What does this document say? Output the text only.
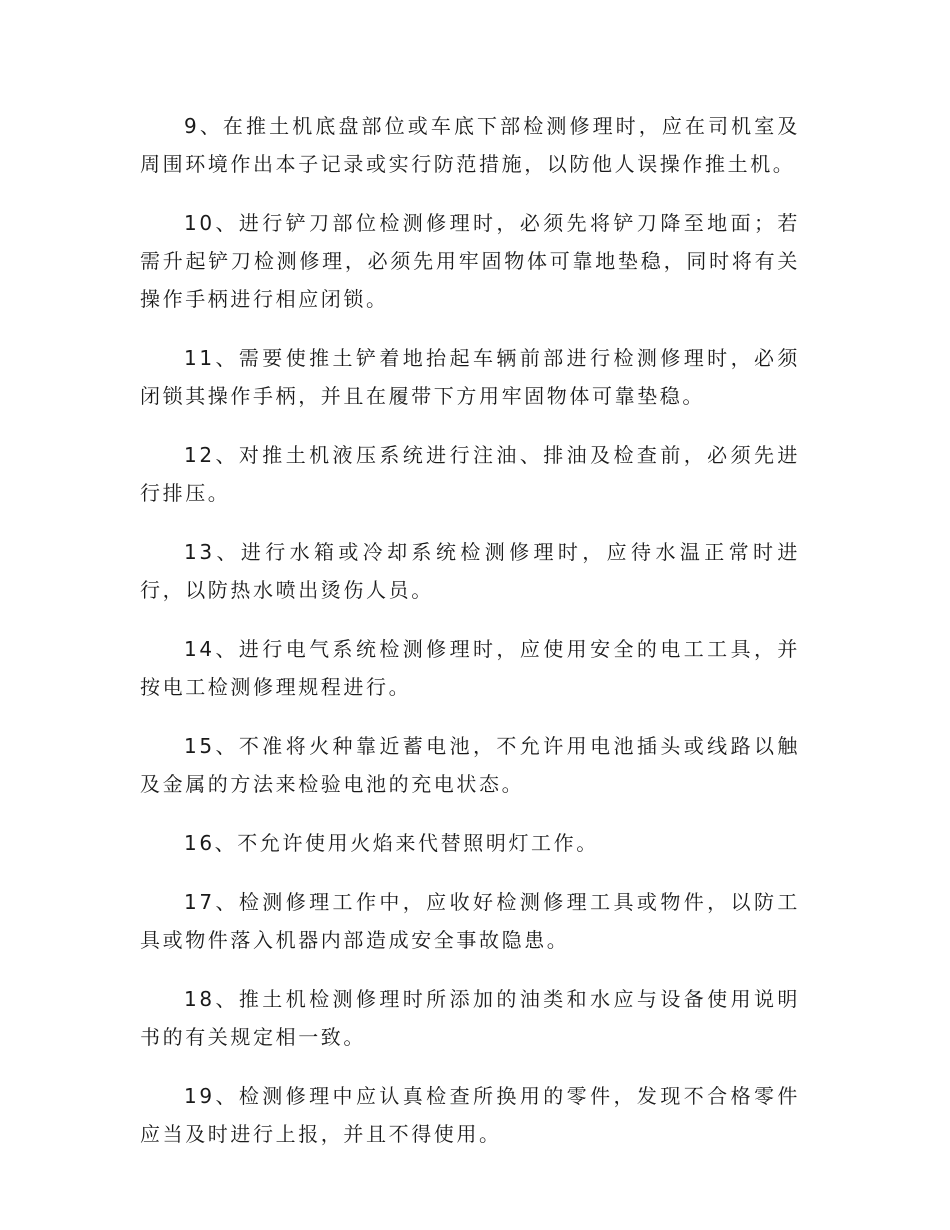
9、在推土机底盘部位或车底下部检测修理时，应在司机室及周围环境作出本子记录或实行防范措施，以防他人误操作推土机。

10、进行铲刀部位检测修理时，必须先将铲刀降至地面；若需升起铲刀检测修理，必须先用牢固物体可靠地垫稳，同时将有关操作手柄进行相应闭锁。

11、需要使推土铲着地抬起车辆前部进行检测修理时，必须闭锁其操作手柄，并且在履带下方用牢固物体可靠垫稳。

12、对推土机液压系统进行注油、排油及检查前，必须先进行排压。

13、进行水箱或冷却系统检测修理时，应待水温正常时进行，以防热水喷出烫伤人员。

14、进行电气系统检测修理时，应使用安全的电工工具，并按电工检测修理规程进行。

15、不准将火种靠近蓄电池，不允许用电池插头或线路以触及金属的方法来检验电池的充电状态。

16、不允许使用火焰来代替照明灯工作。

17、检测修理工作中，应收好检测修理工具或物件，以防工具或物件落入机器内部造成安全事故隐患。

18、推土机检测修理时所添加的油类和水应与设备使用说明书的有关规定相一致。

19、检测修理中应认真检查所换用的零件，发现不合格零件应当及时进行上报，并且不得使用。
